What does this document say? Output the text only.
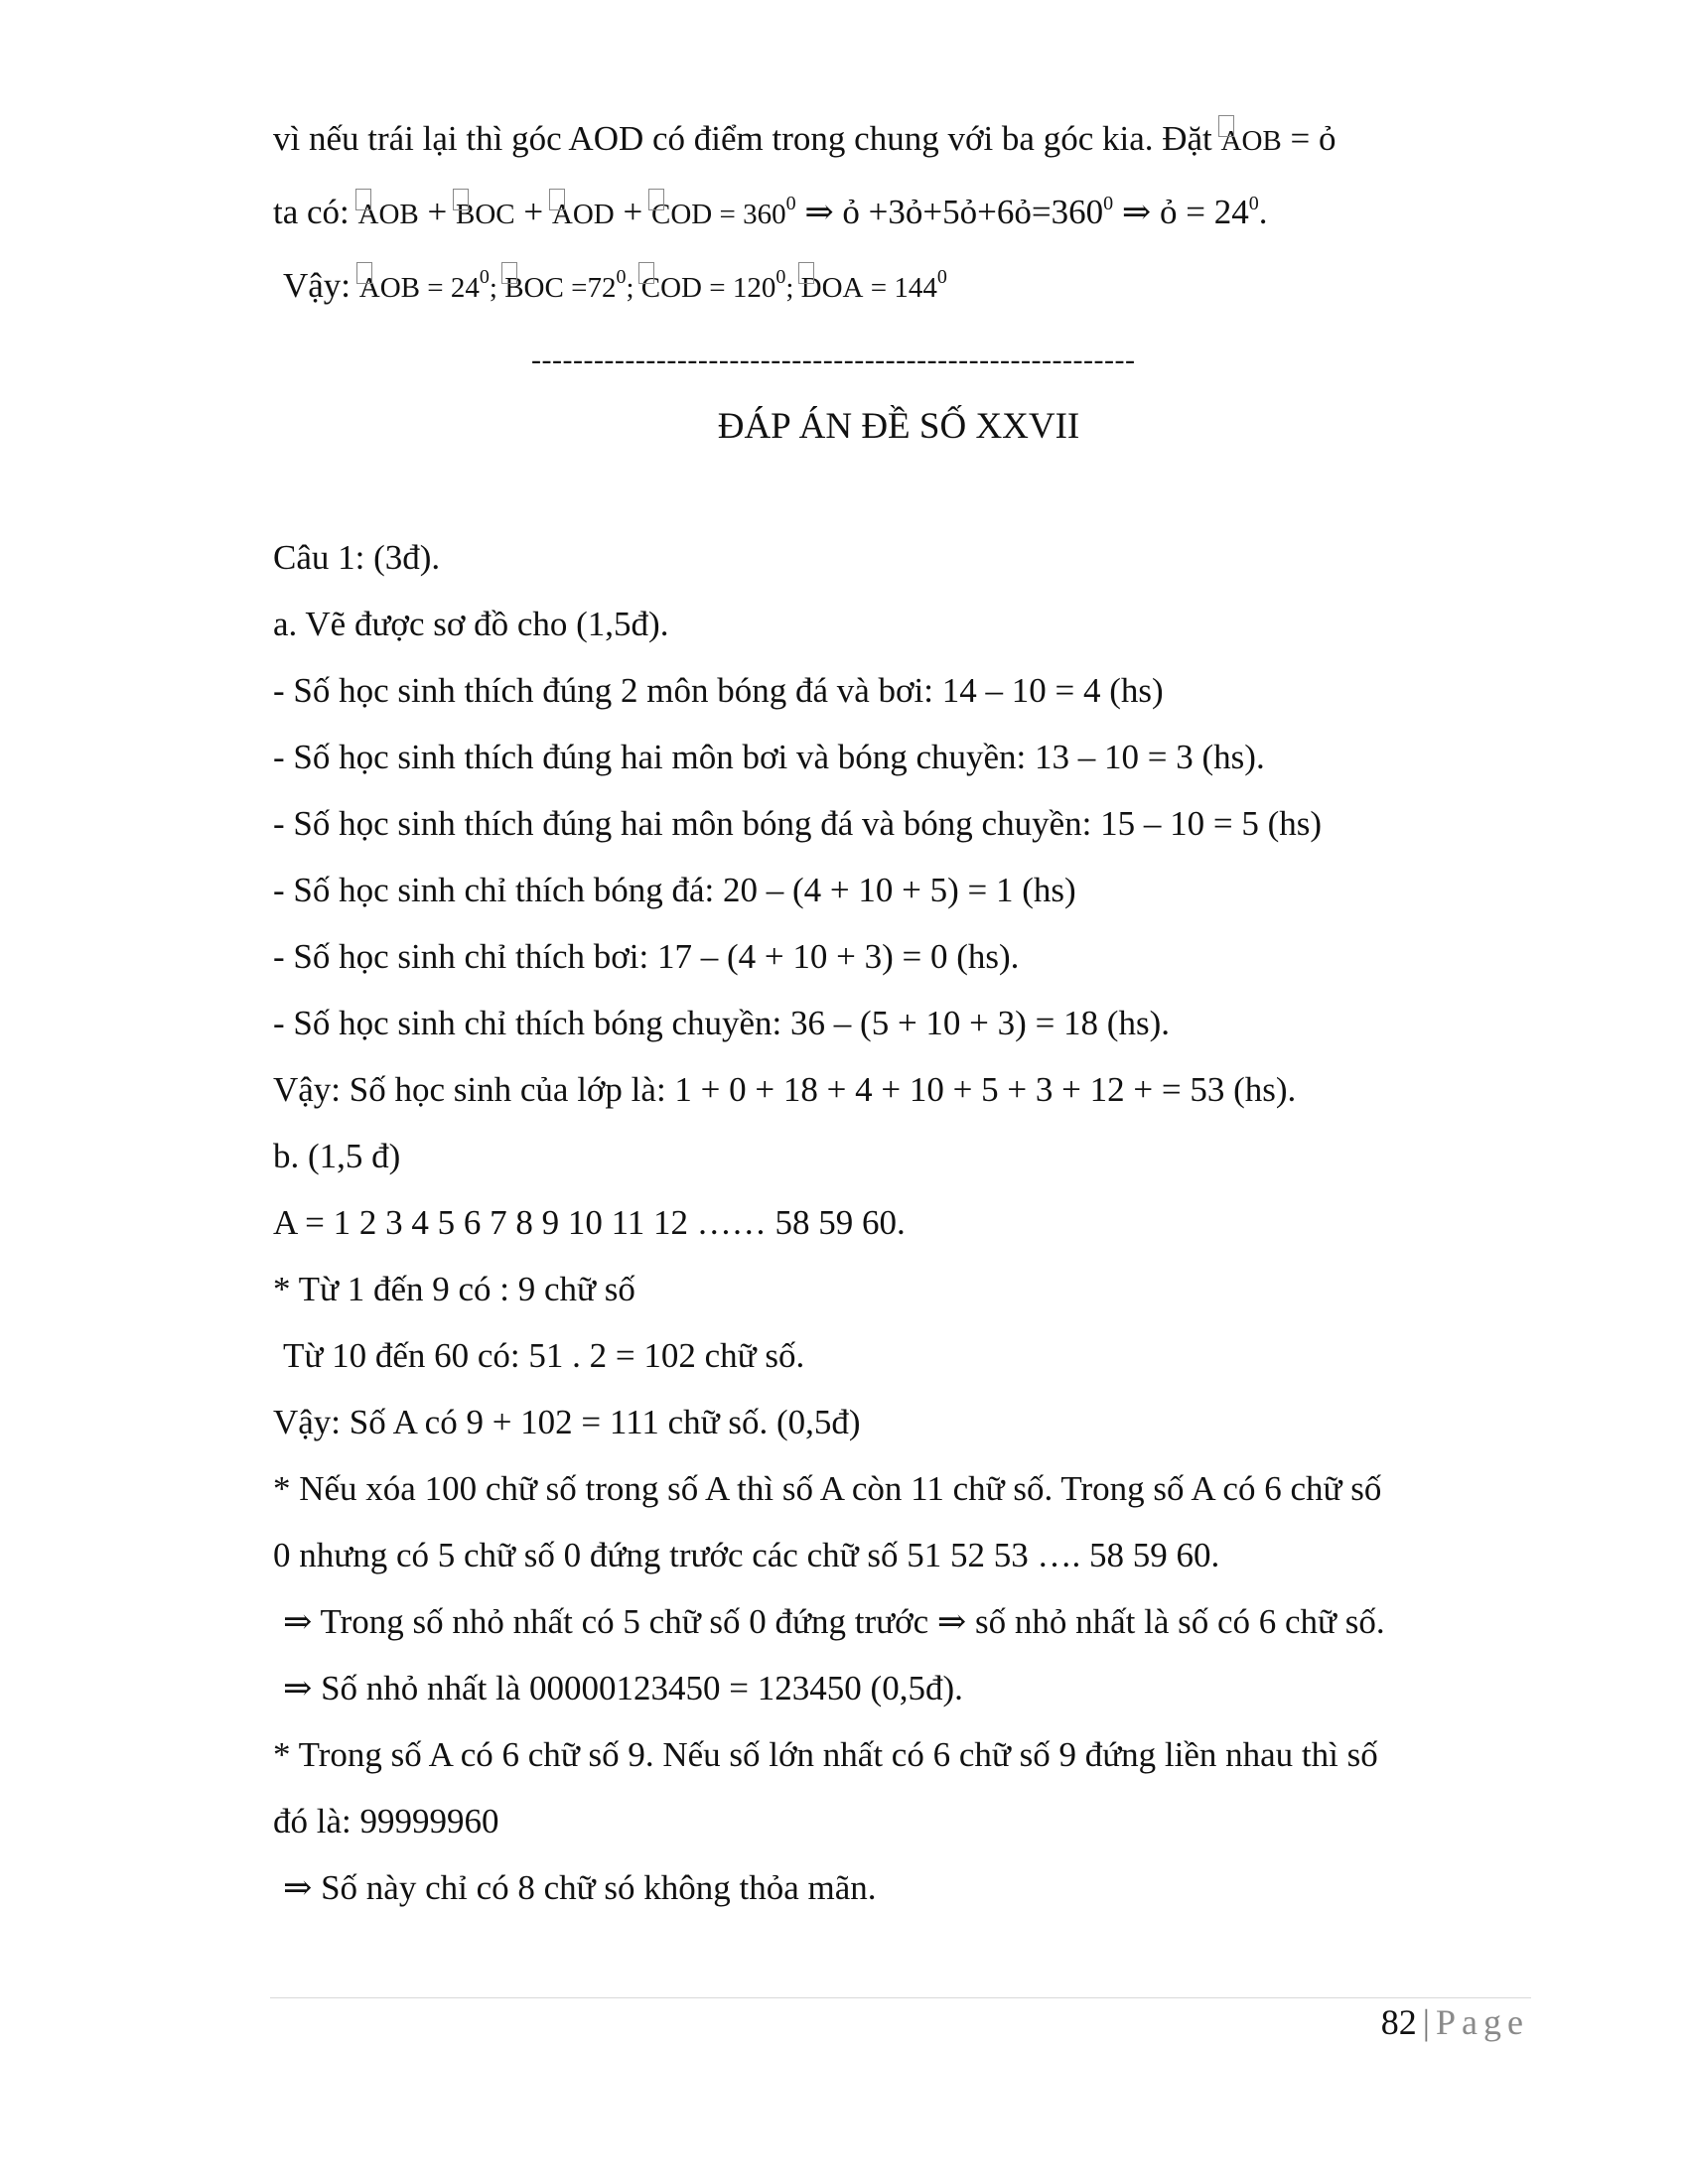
vì nếu trái lại thì góc AOD có điểm trong chung với ba góc kia. Đặt
AOB = ỏ
ta có:
AOB +
BOC +
AOD +
COD = $360^0$ ⇒ ỏ $+3ỏ+5ỏ+6ỏ=360^0$ ⇒ ỏ = $24^0$.
Vậy:
AOB = $24^0$;
BOC $=72^0$;
COD = $120^0$;
DOA = $144^0$
----------------------------------------------------------
ĐÁP ÁN ĐỀ SỐ XXVII
Câu 1: (3đ).
a. Vẽ được sơ đồ cho (1,5đ).
- Số học sinh thích đúng 2 môn bóng đá và bơi: 14 – 10 = 4 (hs)
- Số học sinh thích đúng hai môn bơi và bóng chuyền: 13 – 10 = 3 (hs).
- Số học sinh thích đúng hai môn bóng đá và bóng chuyền: 15 – 10 = 5 (hs)
- Số học sinh chỉ thích bóng đá: 20 – (4 + 10 + 5) = 1 (hs)
- Số học sinh chỉ thích bơi: 17 – (4 + 10 + 3) = 0 (hs).
- Số học sinh chỉ thích bóng chuyền: 36 – (5 + 10 + 3) = 18 (hs).
Vậy: Số học sinh của lớp là: 1 + 0 + 18 + 4 + 10 + 5 + 3 + 12 + = 53 (hs).
b. (1,5 đ)
A = 1 2 3 4 5 6 7 8 9 10 11 12 …… 58 59 60.
* Từ 1 đến 9 có : 9 chữ số
Từ 10 đến 60 có: 51 . 2 = 102 chữ số.
Vậy: Số A có 9 + 102 = 111 chữ số. (0,5đ)
* Nếu xóa 100 chữ số trong số A thì số A còn 11 chữ số. Trong số A có 6 chữ số
0 nhưng có 5 chữ số 0 đứng trước các chữ số 51 52 53 …. 58 59 60.
⇒ Trong số nhỏ nhất có 5 chữ số 0 đứng trước ⇒ số nhỏ nhất là số có 6 chữ số.
⇒ Số nhỏ nhất là 00000123450 = 123450 (0,5đ).
* Trong số A có 6 chữ số 9. Nếu số lớn nhất có 6 chữ số 9 đứng liền nhau thì số
đó là: 99999960
⇒ Số này chỉ có 8 chữ só không thỏa mãn.
82 | Page
